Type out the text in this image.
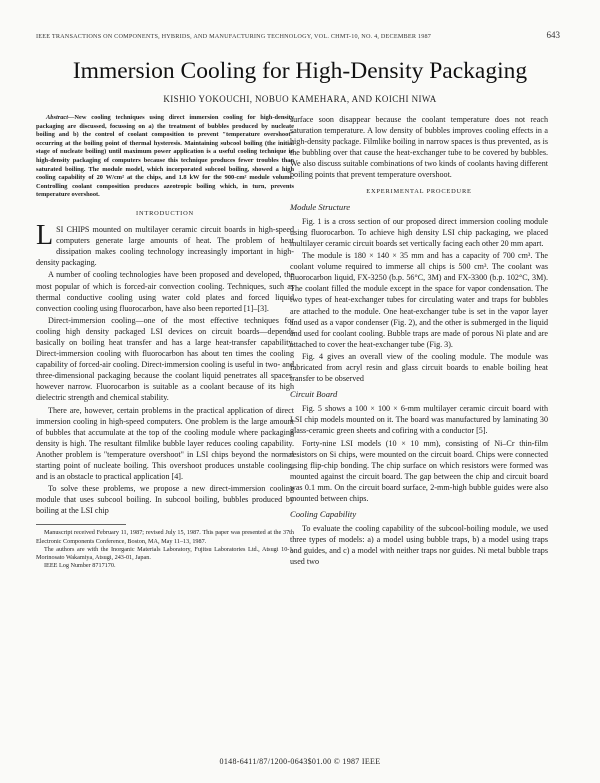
IEEE TRANSACTIONS ON COMPONENTS, HYBRIDS, AND MANUFACTURING TECHNOLOGY, VOL. CHMT-10, NO. 4, DECEMBER 1987	643
Immersion Cooling for High-Density Packaging
KISHIO YOKOUCHI, NOBUO KAMEHARA, AND KOICHI NIWA

Abstract—New cooling techniques using direct immersion cooling for high-density packaging are discussed, focussing on a) the treatment of bubbles produced by nucleate boiling and b) the control of coolant composition to prevent "temperature overshoot" occurring at the boiling point of thermal hysteresis. Maintaining subcool boiling (the initial stage of nucleate boiling) until maximum power application is a useful cooling technique in high-density packaging of computers because this technique produces fewer troubles than saturated boiling. The module model, which incorporated subcool boiling, showed a high cooling capability of 20 W/cm² at the chips, and 1.8 kW for the 900-cm² module volume. Controlling coolant composition produces azeotropic boiling which, in turn, prevents temperature overshoot.

INTRODUCTION

LSI CHIPS mounted on multilayer ceramic circuit boards in high-speed computers generate large amounts of heat. The problem of heat dissipation makes cooling technology increasingly important in high-density packaging.

A number of cooling technologies have been proposed and developed, the most popular of which is forced-air convection cooling. Techniques, such as thermal conductive cooling using water cold plates and forced liquid convection cooling using fluorocarbon, have also been reported [1]–[3].

Direct-immersion cooling—one of the most effective techniques for cooling high density packaged LSI devices on circuit boards—depends basically on boiling heat transfer and has a large heat-transfer capability. Direct-immersion cooling with fluorocarbon has about ten times the cooling capability of forced-air cooling. Direct-immersion cooling is useful in two- and three-dimensional packaging because the coolant liquid penetrates all spaces, however narrow. Fluorocarbon is suitable as a coolant because of its high dielectric strength and chemical stability.

There are, however, certain problems in the practical application of direct immersion cooling in high-speed computers. One problem is the large amount of bubbles that accumulate at the top of the cooling module where packaging density is high. The resultant filmlike bubble layer reduces cooling capability. Another problem is "temperature overshoot" in LSI chips beyond the normal starting point of nucleate boiling. This overshoot produces unstable cooling, and is an obstacle to practical application [4].

To solve these problems, we propose a new direct-immersion cooling module that uses subcool boiling. In subcool boiling, bubbles produced by boiling at the LSI chip

Manuscript received February 11, 1987; revised July 15, 1987. This paper was presented at the 37th Electronic Components Conference, Boston, MA, May 11–13, 1987.

The authors are with the Inorganic Materials Laboratory, Fujitsu Laboratories Ltd., Atsugi 10-1, Morinosato Wakamiya, Atsugi, 243-01, Japan.

IEEE Log Number 8717170.

surface soon disappear because the coolant temperature does not reach saturation temperature. A low density of bubbles improves cooling effects in a high-density package. Filmlike boiling in narrow spaces is thus prevented, as is the bubbling over that cause the heat-exchanger tube to be covered by bubbles. We also discuss suitable combinations of two kinds of coolants having different boiling points that prevent temperature overshoot.

EXPERIMENTAL PROCEDURE
Module Structure

Fig. 1 is a cross section of our proposed direct immersion cooling module using fluorocarbon. To achieve high density LSI chip packaging, we placed multilayer ceramic circuit boards set vertically facing each other 20 mm apart.

The module is 180 × 140 × 35 mm and has a capacity of 700 cm³. The coolant volume required to immerse all chips is 500 cm³. The coolant was fluorocarbon liquid, FX-3250 (b.p. 56°C, 3M) and FX-3300 (b.p. 102°C, 3M). The coolant filled the module except in the space for vapor condensation. The two types of heat-exchanger tubes for circulating water and traps for bubbles are attached to the module. One heat-exchanger tube is set in the vapor layer and used as a vapor condenser (Fig. 2), and the other is submerged in the liquid and used for coolant cooling. Bubble traps are made of porous Ni plate and are attached to cover the heat-exchanger tube (Fig. 3).

Fig. 4 gives an overall view of the cooling module. The module was fabricated from acryl resin and glass circuit boards to enable boiling heat transfer to be observed

Circuit Board

Fig. 5 shows a 100 × 100 × 6-mm multilayer ceramic circuit board with LSI chip models mounted on it. The board was manufactured by laminating 30 glass-ceramic green sheets and cofiring with a conductor [5].

Forty-nine LSI models (10 × 10 mm), consisting of Ni–Cr thin-film resistors on Si chips, were mounted on the circuit board. Chips were connected using flip-chip bonding. The chip surface on which resistors were formed was mounted against the circuit board. The gap between the chip and circuit board was 0.1 mm. On the circuit board surface, 2-mm-high bubble guides were also mounted between chips.

Cooling Capability

To evaluate the cooling capability of the subcool-boiling module, we used three types of models: a) a model using bubble traps, b) a model using traps and guides, and c) a model with neither traps nor guides. Ni metal bubble traps used two

0148-6411/87/1200-0643$01.00 © 1987 IEEE
